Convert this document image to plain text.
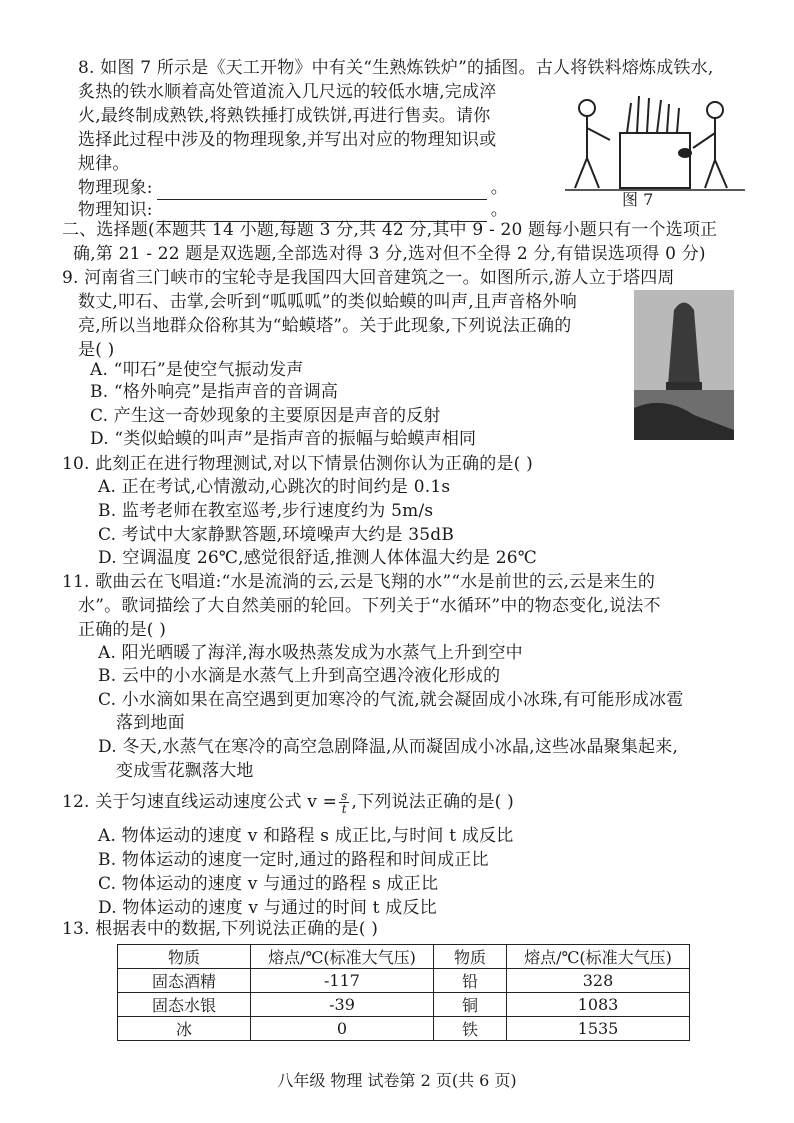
8. 如图 7 所示是《天工开物》中有关“生熟炼铁炉”的插图。古人将铁料熔炼成铁水,
炙热的铁水顺着高处管道流入几尺远的较低水塘,完成淬
火,最终制成熟铁,将熟铁捶打成铁饼,再进行售卖。请你
选择此过程中涉及的物理现象,并写出对应的物理知识或
规律。
物理现象:	。
物理知识:	。
图 7
二、选择题(本题共 14 小题,每题 3 分,共 42 分,其中 9 - 20 题每小题只有一个选项正
确,第 21 - 22 题是双选题,全部选对得 3 分,选对但不全得 2 分,有错误选项得 0 分)
9. 河南省三门峡市的宝轮寺是我国四大回音建筑之一。如图所示,游人立于塔四周
数丈,叩石、击掌,会听到“呱呱呱”的类似蛤蟆的叫声,且声音格外响
亮,所以当地群众俗称其为“蛤蟆塔”。关于此现象,下列说法正确的
是( )
A. “叩石”是使空气振动发声
B. “格外响亮”是指声音的音调高
C. 产生这一奇妙现象的主要原因是声音的反射
D. “类似蛤蟆的叫声”是指声音的振幅与蛤蟆声相同
10. 此刻正在进行物理测试,对以下情景估测你认为正确的是( )
A. 正在考试,心情激动,心跳次的时间约是 0.1s
B. 监考老师在教室巡考,步行速度约为 5m/s
C. 考试中大家静默答题,环境噪声大约是 35dB
D. 空调温度 26℃,感觉很舒适,推测人体体温大约是 26℃
11. 歌曲云在飞唱道:“水是流淌的云,云是飞翔的水”“水是前世的云,云是来生的
水”。歌词描绘了大自然美丽的轮回。下列关于“水循环”中的物态变化,说法不
正确的是( )
A. 阳光晒暖了海洋,海水吸热蒸发成为水蒸气上升到空中
B. 云中的小水滴是水蒸气上升到高空遇冷液化形成的
C. 小水滴如果在高空遇到更加寒冷的气流,就会凝固成小冰珠,有可能形成冰雹
落到地面
D. 冬天,水蒸气在寒冷的高空急剧降温,从而凝固成小冰晶,这些冰晶聚集起来,
变成雪花飘落大地
12. 关于匀速直线运动速度公式 $v = \frac{s}{t}$ ,下列说法正确的是( )
A. 物体运动的速度 v 和路程 s 成正比,与时间 t 成反比
B. 物体运动的速度一定时,通过的路程和时间成正比
C. 物体运动的速度 v 与通过的路程 s 成正比
D. 物体运动的速度 v 与通过的时间 t 成反比
13. 根据表中的数据,下列说法正确的是( )
物质	熔点/℃(标准大气压)	物质	熔点/℃(标准大气压)
固态酒精	-117	铅	328
固态水银	-39	铜	1083
冰	0	铁	1535
八年级 物理 试卷第 2 页(共 6 页)
